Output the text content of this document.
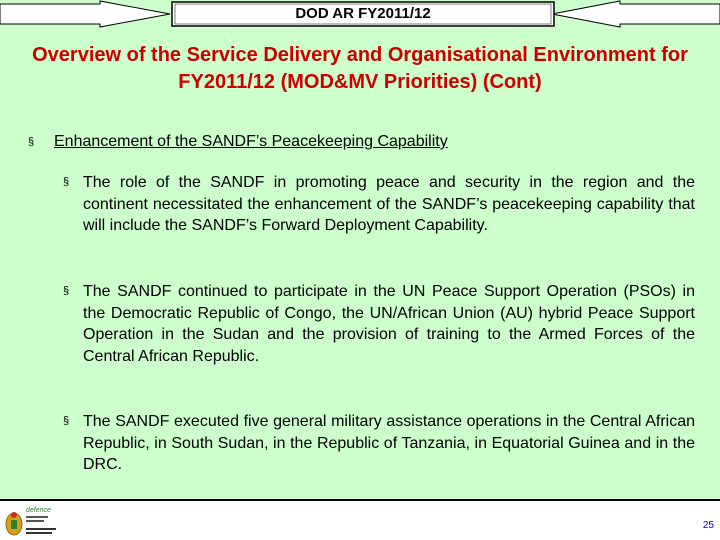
DOD AR FY2011/12
Overview of the Service Delivery and Organisational Environment for FY2011/12 (MOD&MV Priorities) (Cont)
§ Enhancement of the SANDF’s Peacekeeping Capability
§ The role of the SANDF in promoting peace and security in the region and the continent necessitated the enhancement of the SANDF’s peacekeeping capability that will include the SANDF’s Forward Deployment Capability.
§ The SANDF continued to participate in the UN Peace Support Operation (PSOs) in the Democratic Republic of Congo, the UN/African Union (AU) hybrid Peace Support Operation in the Sudan and the provision of training to the Armed Forces of the Central African Republic.
§ The SANDF executed five general military assistance operations in the Central African Republic, in South Sudan, in the Republic of Tanzania, in Equatorial Guinea and in the DRC.
defence
25
